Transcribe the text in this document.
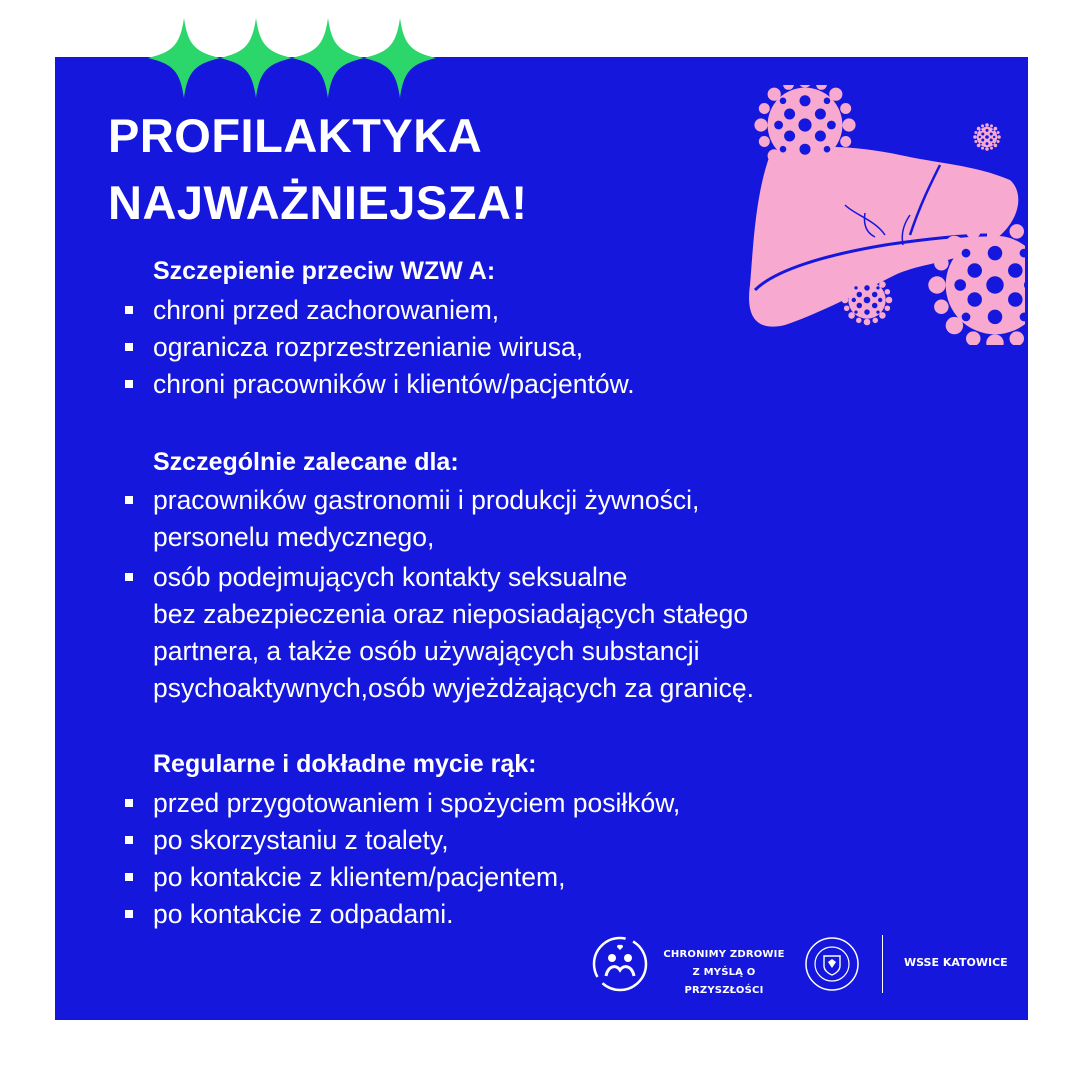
PROFILAKTYKA
NAJWAŻNIEJSZA!
Szczepienie przeciw WZW A:
chroni przed zachorowaniem,
ogranicza rozprzestrzenianie wirusa,
chroni pracowników i klientów/pacjentów.
Szczególnie zalecane dla:
pracowników gastronomii i produkcji żywności,
personelu medycznego,
osób podejmujących kontakty seksualne
bez zabezpieczenia oraz nieposiadających stałego
partnera, a także osób używających substancji
psychoaktywnych,osób wyjeżdżających za granicę.
Regularne i dokładne mycie rąk:
przed przygotowaniem i spożyciem posiłków,
po skorzystaniu z toalety,
po kontakcie z klientem/pacjentem,
po kontakcie z odpadami.
CHRONIMY ZDROWIE
Z MYŚLĄ O PRZYSZŁOŚCI
WSSE KATOWICE
